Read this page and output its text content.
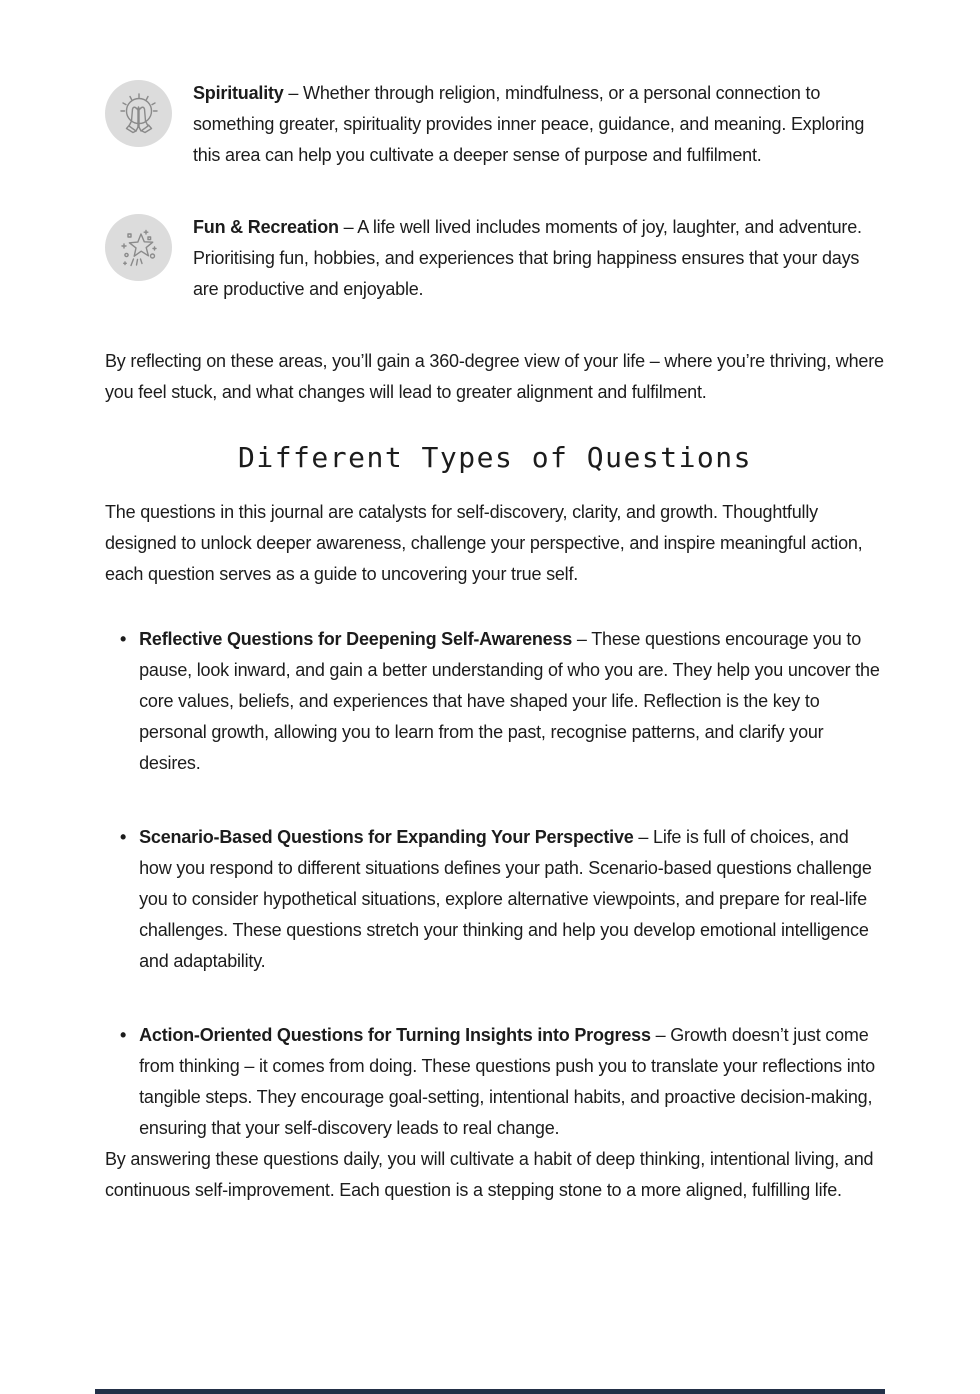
Spirituality – Whether through religion, mindfulness, or a personal connection to something greater, spirituality provides inner peace, guidance, and meaning. Exploring this area can help you cultivate a deeper sense of purpose and fulfilment.

Fun & Recreation – A life well lived includes moments of joy, laughter, and adventure. Prioritising fun, hobbies, and experiences that bring happiness ensures that your days are productive and enjoyable.

By reflecting on these areas, you’ll gain a 360-degree view of your life – where you’re thriving, where you feel stuck, and what changes will lead to greater alignment and fulfilment.

Different Types of Questions

The questions in this journal are catalysts for self-discovery, clarity, and growth. Thoughtfully designed to unlock deeper awareness, challenge your perspective, and inspire meaningful action, each question serves as a guide to uncovering your true self.

• Reflective Questions for Deepening Self-Awareness – These questions encourage you to pause, look inward, and gain a better understanding of who you are. They help you uncover the core values, beliefs, and experiences that have shaped your life. Reflection is the key to personal growth, allowing you to learn from the past, recognise patterns, and clarify your desires.
• Scenario-Based Questions for Expanding Your Perspective – Life is full of choices, and how you respond to different situations defines your path. Scenario-based questions challenge you to consider hypothetical situations, explore alternative viewpoints, and prepare for real-life challenges. These questions stretch your thinking and help you develop emotional intelligence and adaptability.
• Action-Oriented Questions for Turning Insights into Progress – Growth doesn’t just come from thinking – it comes from doing. These questions push you to translate your reflections into tangible steps. They encourage goal-setting, intentional habits, and proactive decision-making, ensuring that your self-discovery leads to real change.

By answering these questions daily, you will cultivate a habit of deep thinking, intentional living, and continuous self-improvement. Each question is a stepping stone to a more aligned, fulfilling life.
